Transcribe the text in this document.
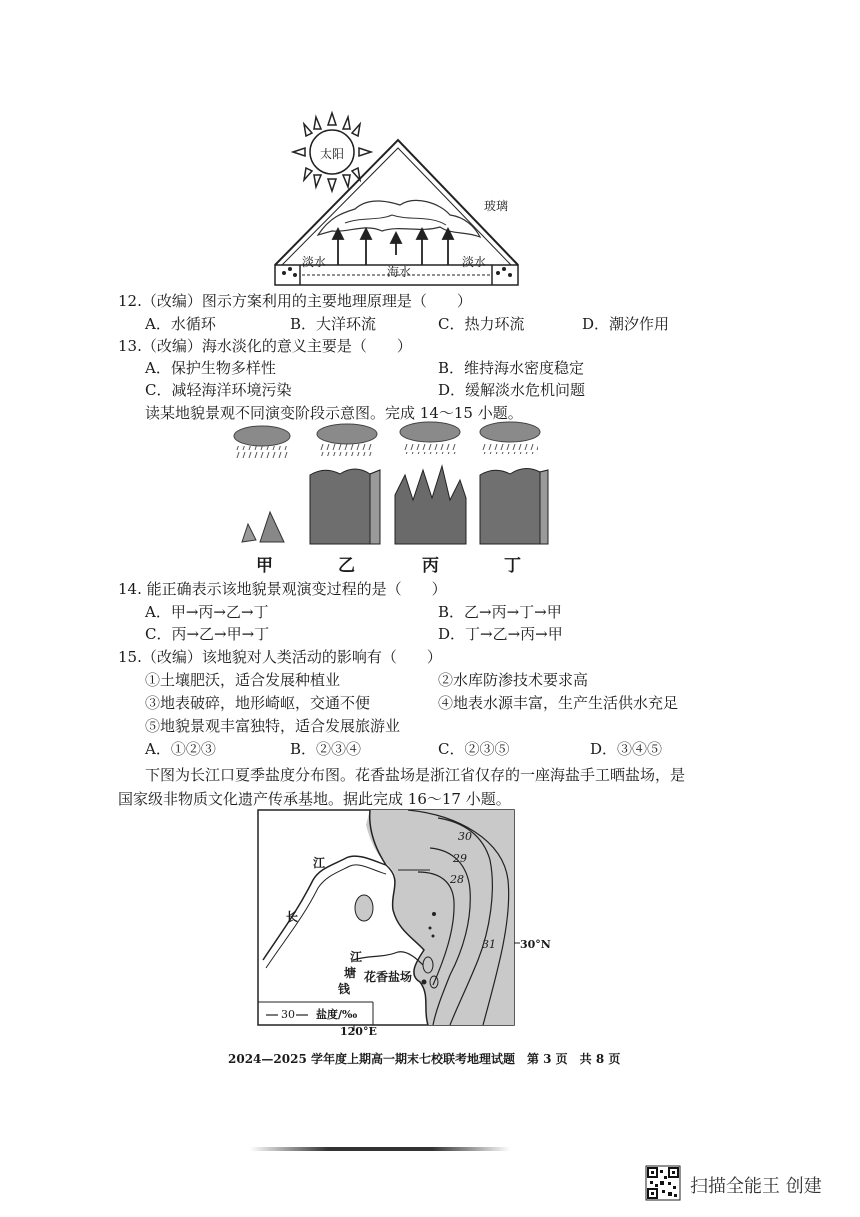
太阳
玻璃
淡水
海水
淡水
12.（改编）图示方案利用的主要地理原理是（　　）
A．水循环	B．大洋环流	C．热力环流	D．潮汐作用
13.（改编）海水淡化的意义主要是（　　）
A．保护生物多样性	B．维持海水密度稳定
C．减轻海洋环境污染	D．缓解淡水危机问题
读某地貌景观不同演变阶段示意图。完成 14～15 小题。
甲	乙	丙	丁
14. 能正确表示该地貌景观演变过程的是（　　）
A．甲→丙→乙→丁	B．乙→丙→丁→甲
C．丙→乙→甲→丁	D．丁→乙→丙→甲
15.（改编）该地貌对人类活动的影响有（　　）
①土壤肥沃，适合发展种植业	②水库防渗技术要求高
③地表破碎，地形崎岖，交通不便	④地表水源丰富，生产生活供水充足
⑤地貌景观丰富独特，适合发展旅游业
A．①②③	B．②③④	C．②③⑤	D．③④⑤
下图为长江口夏季盐度分布图。花香盐场是浙江省仅存的一座海盐手工晒盐场，是
国家级非物质文化遗产传承基地。据此完成 16～17 小题。
30
29
28
31 30°N
120°E
长
江
钱
塘
江
花香盐场
30 盐度/‰
2024—2025 学年度上期高一期末七校联考地理试题　第 3 页　共 8 页
扫描全能王 创建
